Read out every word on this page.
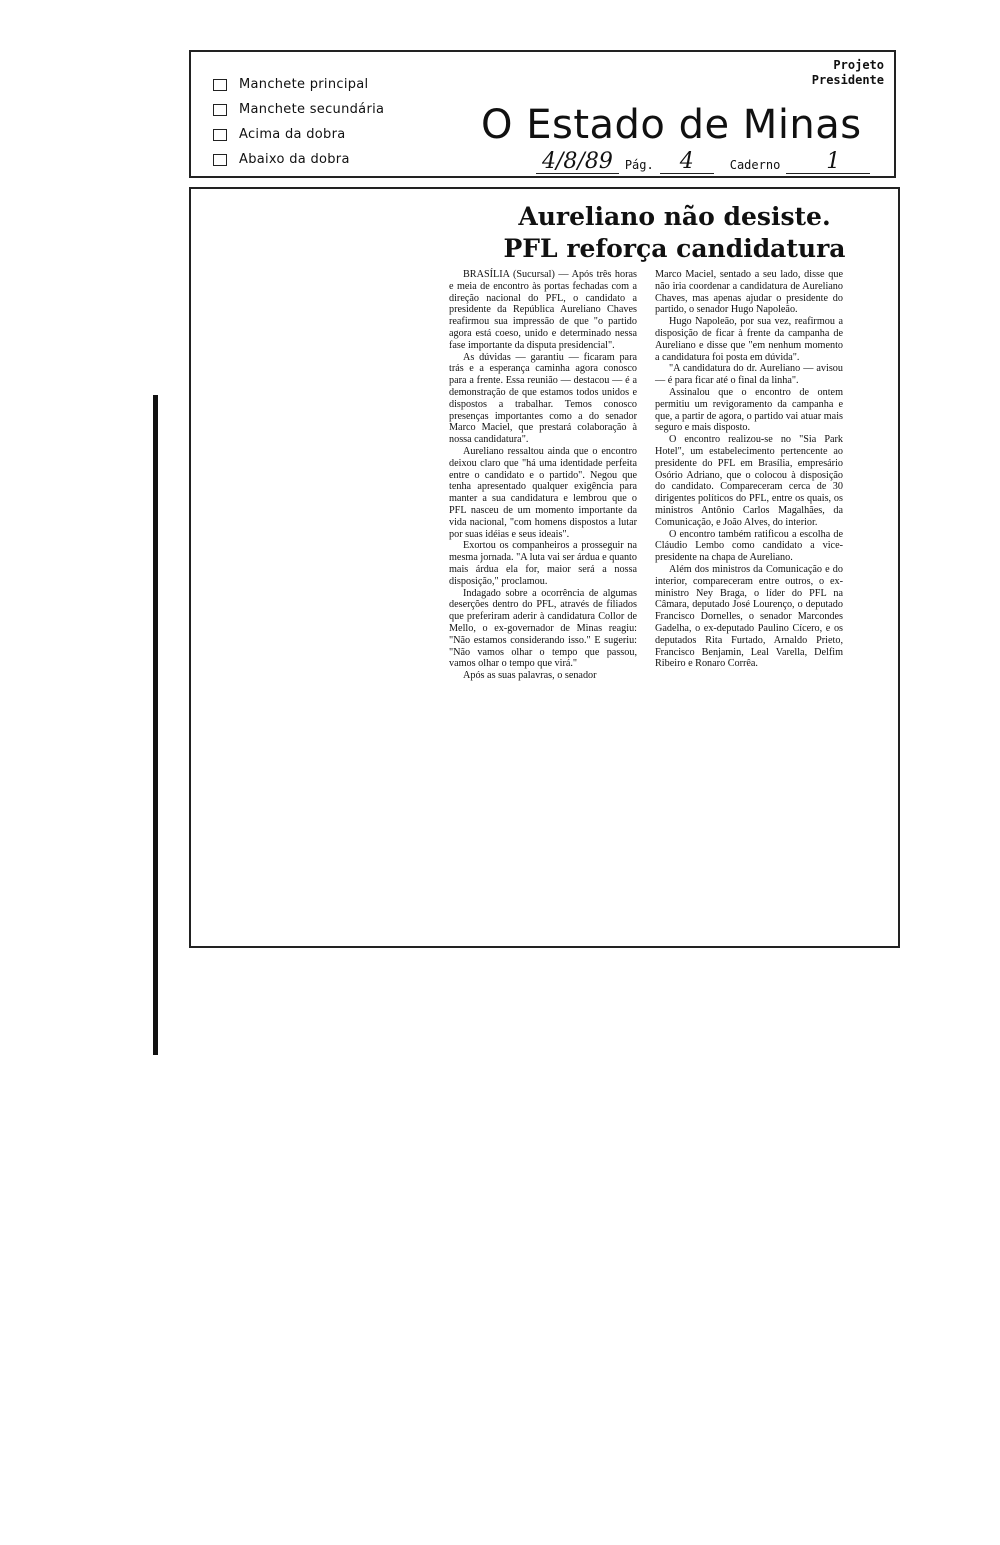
Manchete principal
Manchete secundária
Acima da dobra
Abaixo da dobra
Projeto
Presidente
O Estado de Minas
4/8/89	Pág.	4	Caderno	1
Aureliano não desiste.
PFL reforça candidatura

BRASÍLIA (Sucursal) — Após três horas e meia de encontro às portas fechadas com a direção nacional do PFL, o candidato a presidente da República Aureliano Chaves reafirmou sua impressão de que "o partido agora está coeso, unido e determinado nessa fase importante da disputa presidencial".

As dúvidas — garantiu — ficaram para trás e a esperança caminha agora conosco para a frente. Essa reunião — destacou — é a demonstração de que estamos todos unidos e dispostos a trabalhar. Temos conosco presenças importantes como a do senador Marco Maciel, que prestará colaboração à nossa candidatura".

Aureliano ressaltou ainda que o encontro deixou claro que "há uma identidade perfeita entre o candidato e o partido". Negou que tenha apresentado qualquer exigência para manter a sua candidatura e lembrou que o PFL nasceu de um momento importante da vida nacional, "com homens dispostos a lutar por suas idéias e seus ideais".

Exortou os companheiros a prosseguir na mesma jornada. "A luta vai ser árdua e quanto mais árdua ela for, maior será a nossa disposição," proclamou.

Indagado sobre a ocorrência de algumas deserções dentro do PFL, através de filiados que preferiram aderir à candidatura Collor de Mello, o ex-governador de Minas reagiu: "Não estamos considerando isso." E sugeriu: "Não vamos olhar o tempo que passou, vamos olhar o tempo que virá."

Após as suas palavras, o senador

Marco Maciel, sentado a seu lado, disse que não iria coordenar a candidatura de Aureliano Chaves, mas apenas ajudar o presidente do partido, o senador Hugo Napoleão.

Hugo Napoleão, por sua vez, reafirmou a disposição de ficar à frente da campanha de Aureliano e disse que "em nenhum momento a candidatura foi posta em dúvida".

"A candidatura do dr. Aureliano — avisou — é para ficar até o final da linha".

Assinalou que o encontro de ontem permitiu um revigoramento da campanha e que, a partir de agora, o partido vai atuar mais seguro e mais disposto.

O encontro realizou-se no "Sia Park Hotel", um estabelecimento pertencente ao presidente do PFL em Brasília, empresário Osório Adriano, que o colocou à disposição do candidato. Compareceram cerca de 30 dirigentes políticos do PFL, entre os quais, os ministros Antônio Carlos Magalhães, da Comunicação, e João Alves, do interior.

O encontro também ratificou a escolha de Cláudio Lembo como candidato a vice-presidente na chapa de Aureliano.

Além dos ministros da Comunicação e do interior, compareceram entre outros, o ex-ministro Ney Braga, o líder do PFL na Câmara, deputado José Lourenço, o deputado Francisco Dornelles, o senador Marcondes Gadelha, o ex-deputado Paulino Cícero, e os deputados Rita Furtado, Arnaldo Prieto, Francisco Benjamin, Leal Varella, Delfim Ribeiro e Ronaro Corrêa.
